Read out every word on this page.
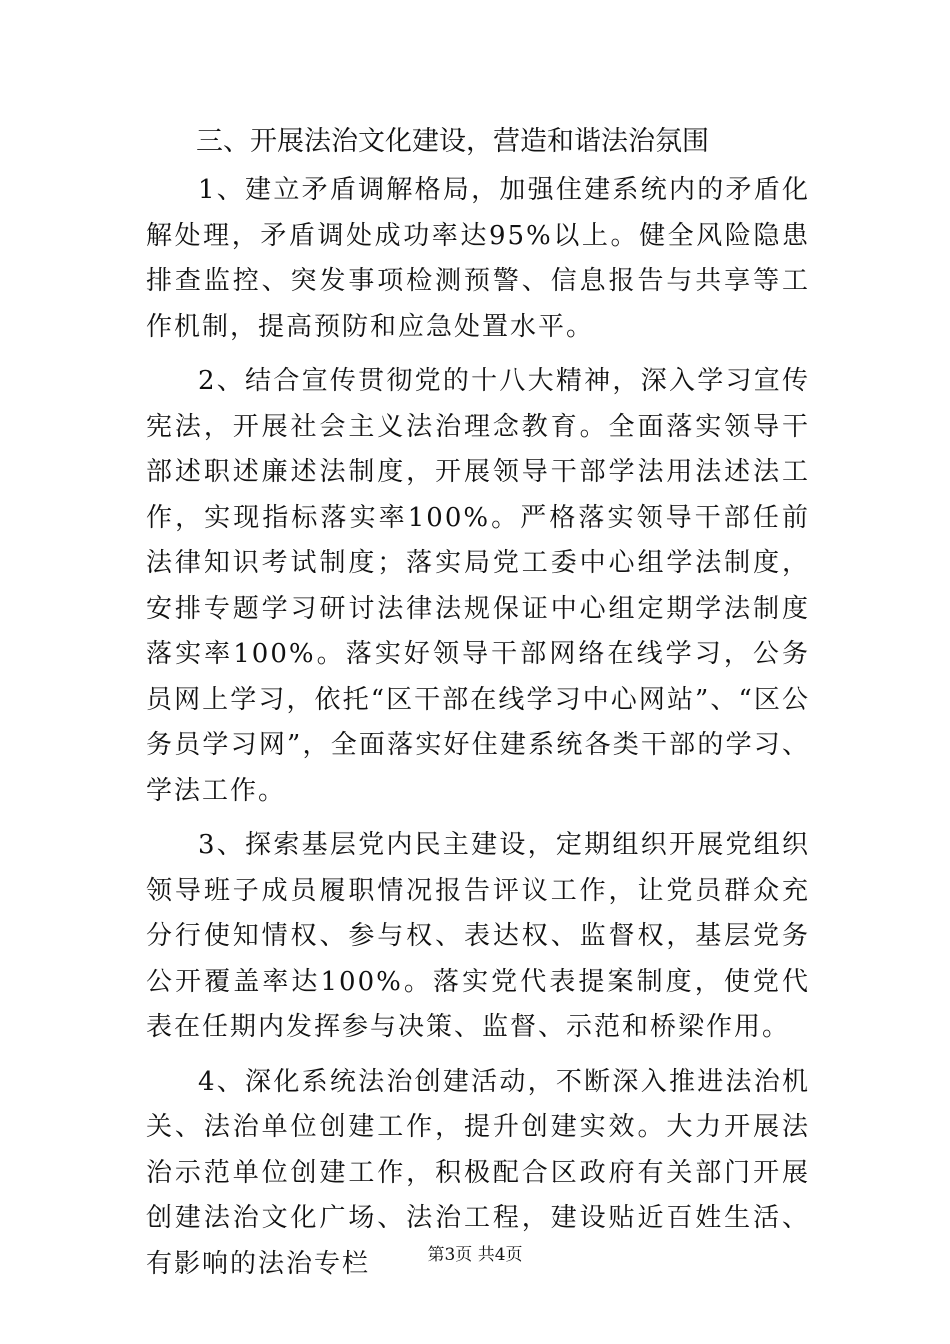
三、开展法治文化建设，营造和谐法治氛围

1、建立矛盾调解格局，加强住建系统内的矛盾化解处理，矛盾调处成功率达95%以上。健全风险隐患排查监控、突发事项检测预警、信息报告与共享等工作机制，提高预防和应急处置水平。

2、结合宣传贯彻党的十八大精神，深入学习宣传宪法，开展社会主义法治理念教育。全面落实领导干部述职述廉述法制度，开展领导干部学法用法述法工作，实现指标落实率100%。严格落实领导干部任前法律知识考试制度；落实局党工委中心组学法制度，安排专题学习研讨法律法规保证中心组定期学法制度落实率100%。落实好领导干部网络在线学习，公务员网上学习，依托“区干部在线学习中心网站”、“区公务员学习网”，全面落实好住建系统各类干部的学习、学法工作。

3、探索基层党内民主建设，定期组织开展党组织领导班子成员履职情况报告评议工作，让党员群众充分行使知情权、参与权、表达权、监督权，基层党务公开覆盖率达100%。落实党代表提案制度，使党代表在任期内发挥参与决策、监督、示范和桥梁作用。

4、深化系统法治创建活动，不断深入推进法治机关、法治单位创建工作，提升创建实效。大力开展法治示范单位创建工作，积极配合区政府有关部门开展创建法治文化广场、法治工程，建设贴近百姓生活、有影响的法治专栏	第3页 共4页
